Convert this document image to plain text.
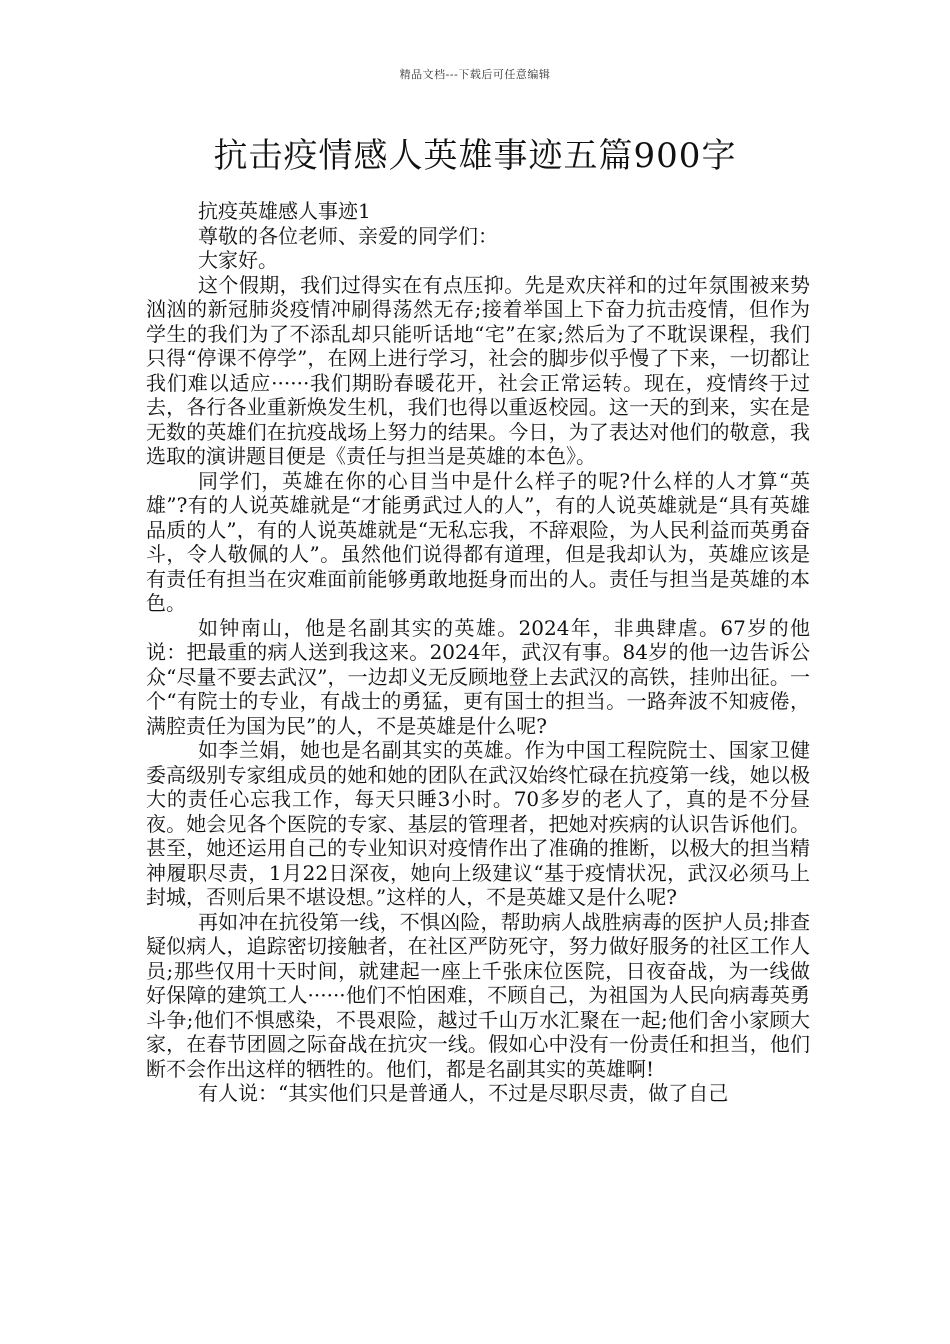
精品文档---下载后可任意编辑
抗击疫情感人英雄事迹五篇900字

抗疫英雄感人事迹1

尊敬的各位老师、亲爱的同学们：

大家好。

这个假期，我们过得实在有点压抑。先是欢庆祥和的过年氛围被来势汹汹的新冠肺炎疫情冲刷得荡然无存;接着举国上下奋力抗击疫情，但作为学生的我们为了不添乱却只能听话地“宅”在家;然后为了不耽误课程，我们只得“停课不停学”，在网上进行学习，社会的脚步似乎慢了下来，一切都让我们难以适应······我们期盼春暖花开，社会正常运转。现在，疫情终于过去，各行各业重新焕发生机，我们也得以重返校园。这一天的到来，实在是无数的英雄们在抗疫战场上努力的结果。今日，为了表达对他们的敬意，我选取的演讲题目便是《责任与担当是英雄的本色》。

同学们，英雄在你的心目当中是什么样子的呢?什么样的人才算“英雄”?有的人说英雄就是“才能勇武过人的人”，有的人说英雄就是“具有英雄品质的人”，有的人说英雄就是“无私忘我，不辞艰险，为人民利益而英勇奋斗，令人敬佩的人”。虽然他们说得都有道理，但是我却认为，英雄应该是有责任有担当在灾难面前能够勇敢地挺身而出的人。责任与担当是英雄的本色。

如钟南山，他是名副其实的英雄。2024年，非典肆虐。67岁的他说：把最重的病人送到我这来。2024年，武汉有事。84岁的他一边告诉公众“尽量不要去武汉”，一边却义无反顾地登上去武汉的高铁，挂帅出征。一个“有院士的专业，有战士的勇猛，更有国士的担当。一路奔波不知疲倦，满腔责任为国为民”的人，不是英雄是什么呢?

如李兰娟，她也是名副其实的英雄。作为中国工程院院士、国家卫健委高级别专家组成员的她和她的团队在武汉始终忙碌在抗疫第一线，她以极大的责任心忘我工作，每天只睡3小时。70多岁的老人了，真的是不分昼夜。她会见各个医院的专家、基层的管理者，把她对疾病的认识告诉他们。甚至，她还运用自己的专业知识对疫情作出了准确的推断，以极大的担当精神履职尽责，1月22日深夜，她向上级建议“基于疫情状况，武汉必须马上封城，否则后果不堪设想。”这样的人，不是英雄又是什么呢?

再如冲在抗役第一线，不惧凶险，帮助病人战胜病毒的医护人员;排查疑似病人，追踪密切接触者，在社区严防死守，努力做好服务的社区工作人员;那些仅用十天时间，就建起一座上千张床位医院，日夜奋战，为一线做好保障的建筑工人······他们不怕困难，不顾自己，为祖国为人民向病毒英勇斗争;他们不惧感染，不畏艰险，越过千山万水汇聚在一起;他们舍小家顾大家，在春节团圆之际奋战在抗灾一线。假如心中没有一份责任和担当，他们断不会作出这样的牺牲的。他们，都是名副其实的英雄啊!

有人说：“其实他们只是普通人，不过是尽职尽责，做了自己
